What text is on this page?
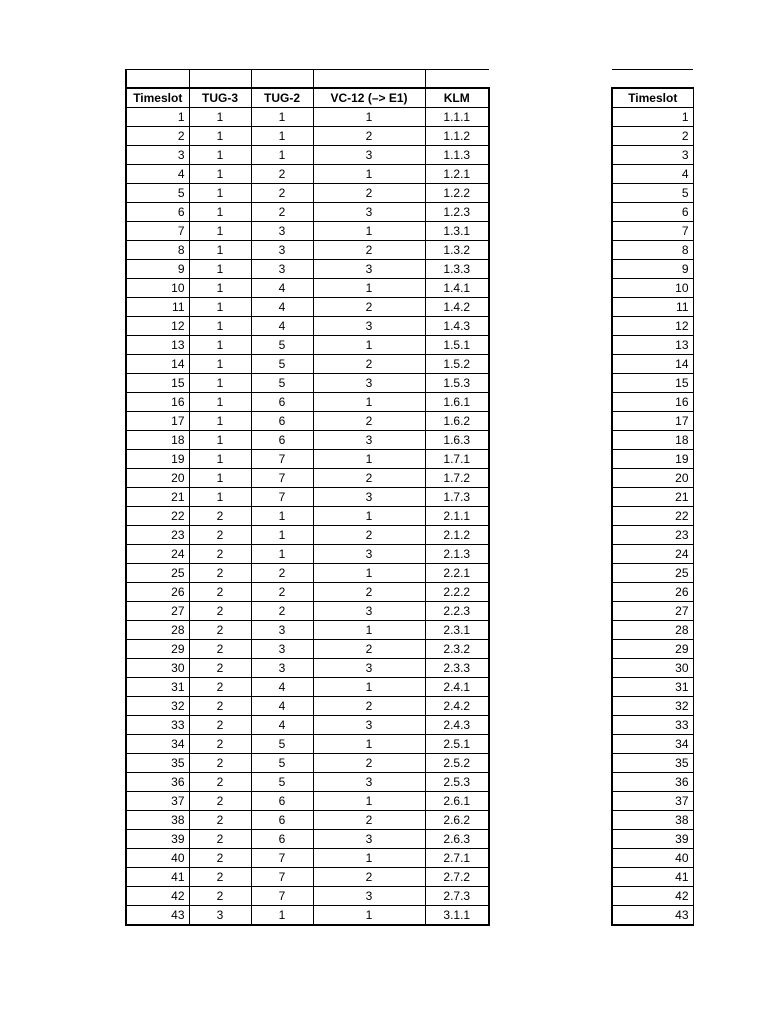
Timeslot	TUG-3	TUG-2	VC-12 (–> E1)	KLM
1	1	1	1	1.1.1
2	1	1	2	1.1.2
3	1	1	3	1.1.3
4	1	2	1	1.2.1
5	1	2	2	1.2.2
6	1	2	3	1.2.3
7	1	3	1	1.3.1
8	1	3	2	1.3.2
9	1	3	3	1.3.3
10	1	4	1	1.4.1
11	1	4	2	1.4.2
12	1	4	3	1.4.3
13	1	5	1	1.5.1
14	1	5	2	1.5.2
15	1	5	3	1.5.3
16	1	6	1	1.6.1
17	1	6	2	1.6.2
18	1	6	3	1.6.3
19	1	7	1	1.7.1
20	1	7	2	1.7.2
21	1	7	3	1.7.3
22	2	1	1	2.1.1
23	2	1	2	2.1.2
24	2	1	3	2.1.3
25	2	2	1	2.2.1
26	2	2	2	2.2.2
27	2	2	3	2.2.3
28	2	3	1	2.3.1
29	2	3	2	2.3.2
30	2	3	3	2.3.3
31	2	4	1	2.4.1
32	2	4	2	2.4.2
33	2	4	3	2.4.3
34	2	5	1	2.5.1
35	2	5	2	2.5.2
36	2	5	3	2.5.3
37	2	6	1	2.6.1
38	2	6	2	2.6.2
39	2	6	3	2.6.3
40	2	7	1	2.7.1
41	2	7	2	2.7.2
42	2	7	3	2.7.3
43	3	1	1	3.1.1

Timeslot
1
2
3
4
5
6
7
8
9
10
11
12
13
14
15
16
17
18
19
20
21
22
23
24
25
26
27
28
29
30
31
32
33
34
35
36
37
38
39
40
41
42
43
